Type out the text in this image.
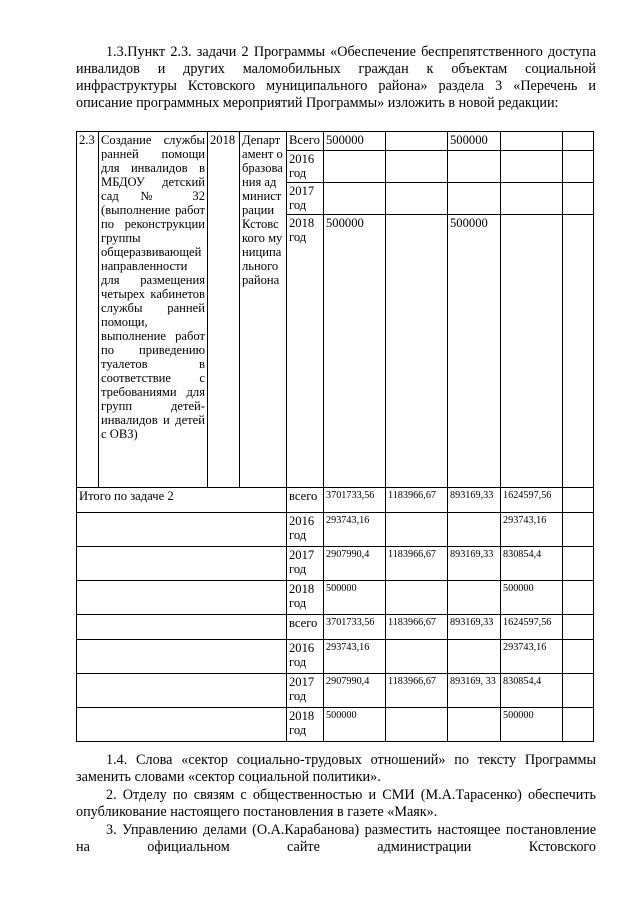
1.3.Пункт 2.3. задачи 2 Программы «Обеспечение беспрепятственного доступа инвалидов и других маломобильных граждан к объектам социальной инфраструктуры Кстовского муниципального района» раздела 3 «Перечень и описание программных мероприятий Программы» изложить в новой редакции:
2.3	Создание службы ранней помощи для инвалидов в МБДОУ детский сад № 32 (выполнение работ по реконструкции группы общеразвивающей направленности для размещения четырех кабинетов службы ранней помощи, выполнение работ по приведению туалетов в соответствие с требованиями для групп детей-инвалидов и детей с ОВЗ)	2018	Департамент образования администрации Кстовского муниципального района	Всего	500000		500000		
				2016 год					
				2017 год					
				2018 год	500000		500000		
Итого по задаче 2				всего	3701733,56	1183966,67	893169,33	1624597,56	
				2016 год	293743,16			293743,16	
				2017 год	2907990,4	1183966,67	893169,33	830854,4	
				2018 год	500000			500000	
				всего	3701733,56	1183966,67	893169,33	1624597,56	
				2016 год	293743,16			293743,16	
				2017 год	2907990,4	1183966,67	893169, 33	830854,4	
				2018 год	500000			500000	
1.4. Слова «сектор социально-трудовых отношений» по тексту Программы заменить словами «сектор социальной политики».
2. Отделу по связям с общественностью и СМИ (М.А.Тарасенко) обеспечить опубликование настоящего постановления в газете «Маяк».
3. Управлению делами (О.А.Карабанова) разместить настоящее постановление на официальном сайте администрации Кстовского
